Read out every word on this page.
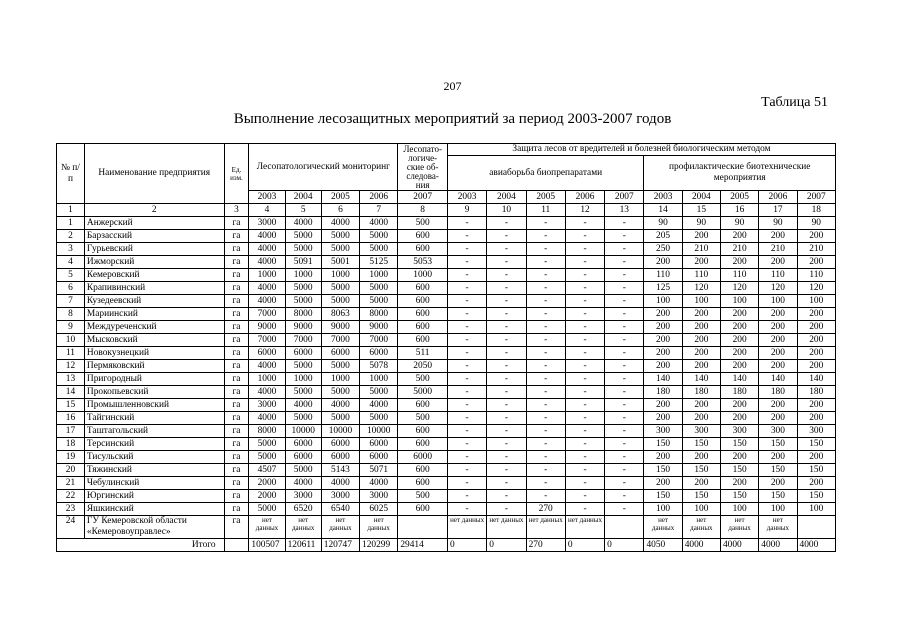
207
Таблица 51
Выполнение лесозащитных мероприятий за период 2003-2007 годов
№ п/п	Наименование предприятия	Ед. изм.	Лесопатологический мониторинг				Лесопато-логиче-ские об-следова-ния	Защита лесов от вредителей и болезней биологическим методом									
								авиаборьба биопрепаратами					профилактические биотехнические мероприятия				
			2003	2004	2005	2006	2007	2003	2004	2005	2006	2007	2003	2004	2005	2006	2007
1	2	3	4	5	6	7	8	9	10	11	12	13	14	15	16	17	18
1	Анжерский	га	3000	4000	4000	4000	500	-	-	-	-	-	90	90	90	90	90
2	Барзасский	га	4000	5000	5000	5000	600	-	-	-	-	-	205	200	200	200	200
3	Гурьевский	га	4000	5000	5000	5000	600	-	-	-	-	-	250	210	210	210	210
4	Ижморский	га	4000	5091	5001	5125	5053	-	-	-	-	-	200	200	200	200	200
5	Кемеровский	га	1000	1000	1000	1000	1000	-	-	-	-	-	110	110	110	110	110
6	Крапивинский	га	4000	5000	5000	5000	600	-	-	-	-	-	125	120	120	120	120
7	Кузедеевский	га	4000	5000	5000	5000	600	-	-	-	-	-	100	100	100	100	100
8	Мариинский	га	7000	8000	8063	8000	600	-	-	-	-	-	200	200	200	200	200
9	Междуреченский	га	9000	9000	9000	9000	600	-	-	-	-	-	200	200	200	200	200
10	Мысковский	га	7000	7000	7000	7000	600	-	-	-	-	-	200	200	200	200	200
11	Новокузнецкий	га	6000	6000	6000	6000	511	-	-	-	-	-	200	200	200	200	200
12	Пермяковский	га	4000	5000	5000	5078	2050	-	-	-	-	-	200	200	200	200	200
13	Пригородный	га	1000	1000	1000	1000	500	-	-	-	-	-	140	140	140	140	140
14	Прокопьевский	га	4000	5000	5000	5000	5000	-	-	-	-	-	180	180	180	180	180
15	Промышленновский	га	3000	4000	4000	4000	600	-	-	-	-	-	200	200	200	200	200
16	Тайгинский	га	4000	5000	5000	5000	500	-	-	-	-	-	200	200	200	200	200
17	Таштагольский	га	8000	10000	10000	10000	600	-	-	-	-	-	300	300	300	300	300
18	Терсинский	га	5000	6000	6000	6000	600	-	-	-	-	-	150	150	150	150	150
19	Тисульский	га	5000	6000	6000	6000	6000	-	-	-	-	-	200	200	200	200	200
20	Тяжинский	га	4507	5000	5143	5071	600	-	-	-	-	-	150	150	150	150	150
21	Чебулинский	га	2000	4000	4000	4000	600	-	-	-	-	-	200	200	200	200	200
22	Юргинский	га	2000	3000	3000	3000	500	-	-	-	-	-	150	150	150	150	150
23	Яшкинский	га	5000	6520	6540	6025	600	-	-	270	-	-	100	100	100	100	100
24	ГУ Кемеровской области «Кемеровоуправлес»	га	нет данных	нет данных	нет данных	нет данных		нет данных	нет данных	нет данных	нет данных		нет данных	нет данных	нет данных	нет данных	
Итого			100507	120611	120747	120299	29414	0	0	270	0	0	4050	4000	4000	4000	4000
